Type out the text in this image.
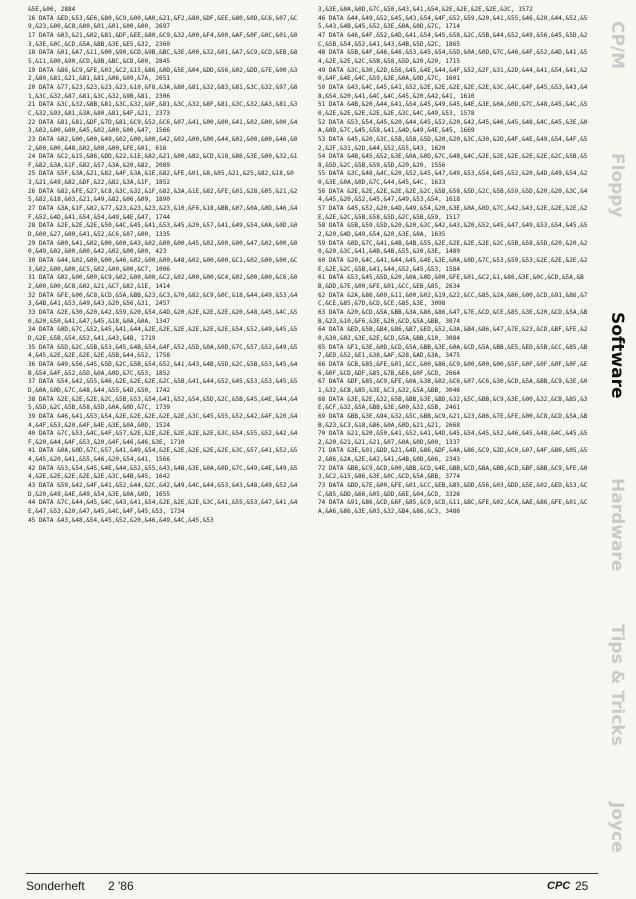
&5E,&00, 2884
16 DATA &ED,&53,&E6,&80,&C9,&00,&A0,&21,&F2,&80,&DF,&EE,&80,&0D,&C6,&07,&C9,&23,&00,&C8,&00,&01,&01,&00,&00, 2697
17 DATA &03,&21,&02,&81,&DF,&EE,&80,&C9,&32,&00,&F4,&00,&AF,&0F,&0C,&01,&03,&3E,&0C,&CD,&5A,&BB,&3E,&E5,&32, 2360
18 DATA &01,&A7,&11,&00,&90,&CD,&9B,&BC,&3E,&00,&32,&01,&A7,&C9,&CD,&EB,&85,&11,&00,&90,&CD,&9B,&BC,&CD,&00, 2845
19 DATA &86,&C9,&FE,&03,&C2,&15,&86,&0D,&5E,&04,&DD,&56,&02,&DD,&7E,&00,&32,&80,&81,&21,&81,&81,&06,&09,&7A, 2651
20 DATA &77,&23,&23,&23,&23,&10,&F8,&3A,&80,&81,&32,&83,&81,&3C,&32,&97,&81,&3C,&32,&87,&81,&3C,&32,&9B,&81, 2306
21 DATA &3C,&32,&8B,&81,&3C,&32,&9F,&81,&3C,&32,&8F,&81,&3C,&32,&A3,&81,&3C,&32,&93,&81,&3A,&80,&81,&4F,&21, 2373
22 DATA &81,&81,&DF,&7D,&81,&C9,&52,&C6,&07,&41,&00,&00,&41,&02,&00,&00,&43,&02,&00,&00,&45,&02,&00,&00,&47, 1566
23 DATA &02,&00,&00,&49,&02,&00,&00,&42,&02,&00,&00,&44,&02,&00,&00,&46,&02,&00,&00,&48,&02,&00,&00,&FE,&01, 616
24 DATA &C2,&15,&86,&DD,&22,&1E,&82,&21,&00,&82,&CD,&18,&86,&3E,&00,&32,&1F,&82,&3A,&1F,&82,&57,&3A,&20,&82, 2089
25 DATA &5F,&3A,&21,&82,&4F,&3A,&1E,&82,&FE,&01,&8,&05,&21,&25,&82,&18,&03,&21,&49,&82,&DF,&22,&82,&3A,&1F, 1852
26 DATA &82,&FE,&27,&C8,&3C,&32,&1F,&82,&3A,&1E,&82,&FE,&01,&28,&05,&21,&25,&82,&18,&03,&21,&49,&82,&06,&09, 1890
27 DATA &3A,&1F,&82,&77,&23,&23,&23,&23,&10,&F6,&18,&BB,&07,&0A,&0D,&46,&4F,&52,&4D,&41,&54,&54,&49,&4E,&47, 1744
28 DATA &2E,&2E,&2E,&50,&4C,&45,&41,&53,&45,&20,&57,&41,&49,&54,&0A,&0D,&0D,&00,&27,&00,&41,&52,&C6,&07,&00, 1335
29 DATA &00,&41,&02,&00,&00,&43,&02,&00,&00,&45,&02,&00,&00,&47,&02,&00,&00,&49,&02,&00,&00,&42,&02,&00,&00, 423
30 DATA &44,&02,&00,&00,&46,&02,&00,&00,&48,&02,&00,&00,&C1,&02,&00,&00,&C3,&02,&00,&00,&C5,&02,&00,&00,&C7, 1006
31 DATA &02,&00,&00,&C9,&02,&00,&00,&C2,&02,&00,&00,&C4,&02,&00,&00,&C6,&02,&00,&00,&C8,&02,&21,&C7,&82,&1E, 1414
32 DATA &FE,&00,&C8,&CD,&5A,&BB,&23,&C3,&70,&82,&C9,&0C,&18,&44,&49,&53,&43,&4B,&41,&53,&49,&43,&20,&56,&31, 2457
33 DATA &2E,&30,&20,&42,&59,&20,&54,&4D,&20,&2E,&2E,&2E,&20,&48,&45,&4C,&50,&20,&50,&41,&47,&45,&18,&0A,&0A, 1347
34 DATA &0D,&7C,&52,&45,&41,&44,&2E,&2E,&2E,&2E,&2E,&2E,&54,&52,&49,&45,&5D,&2E,&5B,&54,&52,&41,&43,&4B, 1719
35 DATA &5D,&2C,&5B,&53,&45,&4B,&54,&4F,&52,&5D,&0A,&0D,&7C,&57,&52,&49,&54,&45,&2E,&2E,&2E,&2E,&5B,&44,&52, 1758
36 DATA &49,&56,&45,&5D,&2C,&5B,&54,&52,&41,&43,&4B,&5D,&2C,&5B,&53,&45,&4B,&54,&4F,&52,&5D,&0A,&0D,&7C,&53, 1852
37 DATA &54,&42,&55,&46,&2E,&2E,&2E,&2C,&5B,&41,&44,&52,&45,&53,&53,&45,&5D,&0A,&0D,&7C,&48,&44,&55,&4D,&50, 1742
38 DATA &2E,&2E,&2E,&2C,&5B,&53,&54,&41,&52,&54,&5D,&2C,&5B,&45,&4E,&44,&45,&5D,&2C,&5B,&58,&5D,&0A,&0D,&7C, 1739
39 DATA &46,&41,&53,&54,&2E,&2E,&2E,&2E,&2E,&3C,&45,&55,&52,&42,&4F,&20,&44,&4F,&53,&20,&4F,&4E,&3E,&0A,&0D, 1524
40 DATA &7C,&53,&4C,&4F,&57,&2E,&2E,&2E,&2E,&2E,&2E,&3C,&54,&55,&52,&42,&4F,&20,&44,&4F,&53,&20,&4F,&46,&46,&3E, 1710
41 DATA &0A,&0D,&7C,&57,&41,&49,&54,&2E,&2E,&2E,&2E,&2E,&3C,&57,&41,&52,&54,&45,&20,&41,&55,&46,&20,&54,&41, 1566
42 DATA &53,&54,&45,&4E,&44,&52,&55,&43,&4B,&3E,&0A,&0D,&7C,&49,&4E,&49,&54,&2E,&2E,&2E,&2E,&2E,&3C,&4B,&45, 1642
43 DATA &59,&42,&4F,&41,&52,&44,&2C,&42,&49,&4C,&44,&53,&43,&48,&49,&52,&4D,&20,&49,&4E,&49,&54,&3E,&0A,&0D, 1655
44 DATA &7C,&44,&45,&4C,&43,&41,&54,&2E,&2E,&2E,&3C,&41,&55,&53,&47,&41,&4E,&47,&53,&20,&47,&45,&4C,&4F,&45,&53, 1734
45 DATA &43,&48,&54,&45,&52,&20,&46,&49,&4C,&45,&53
3,&3E,&0A,&0D,&7C,&50,&43,&41,&54,&2E,&2E,&2E,&2E,&3C, 1572
46 DATA &44,&49,&52,&45,&43,&54,&4F,&52,&59,&20,&41,&55,&46,&20,&44,&52,&55,&43,&4B,&45,&52,&3E,&0A,&0D,&7C, 1714
47 DATA &46,&4F,&52,&4D,&41,&54,&45,&58,&2C,&5B,&44,&52,&49,&56,&45,&5D,&2C,&5B,&54,&52,&41,&43,&4B,&5D,&2C, 1865
48 DATA &5B,&4F,&46,&46,&53,&45,&54,&5D,&0A,&0D,&7C,&46,&4F,&52,&4D,&41,&54,&2E,&2E,&2C,&5B,&58,&5D,&20,&20, 1715
49 DATA &3C,&30,&2D,&56,&45,&4E,&44,&4F,&52,&2F,&31,&2D,&44,&41,&54,&41,&20,&4F,&4E,&4C,&59,&3E,&0A,&0D,&7C, 1601
50 DATA &43,&4C,&45,&41,&52,&2E,&2E,&2E,&2E,&2E,&3C,&4C,&4F,&45,&53,&43,&48,&54,&20,&41,&4C,&4C,&45,&20,&42,&41, 1610
51 DATA &4B,&20,&44,&41,&54,&45,&49,&45,&4E,&3E,&0A,&0D,&7C,&48,&45,&4C,&50,&2E,&2E,&2E,&2E,&2E,&3C,&4C,&49,&53, 1578
52 DATA &53,&54,&45,&20,&44,&45,&52,&20,&42,&45,&46,&45,&48,&4C,&45,&3E,&0A,&0D,&7C,&45,&58,&41,&4D,&49,&4E,&45, 1669
53 DATA &45,&20,&3C,&5B,&58,&5D,&20,&20,&3C,&30,&2D,&4F,&4E,&49,&54,&4F,&52,&2F,&31,&2D,&44,&52,&55,&43, 1620
54 DATA &4B,&45,&52,&3E,&0A,&0D,&7C,&48,&4C,&2E,&2E,&2E,&2E,&2E,&2C,&5B,&58,&5D,&2C,&5B,&59,&5D,&20,&20, 1556
55 DATA &3C,&48,&4C,&20,&52,&45,&47,&49,&53,&54,&45,&52,&20,&4D,&49,&54,&20,&3E,&0A,&0D,&7C,&44,&45,&4C, 1633
56 DATA &2E,&2E,&2E,&2E,&2E,&2C,&5B,&58,&5D,&2C,&5B,&59,&5D,&20,&20,&3C,&44,&45,&20,&52,&45,&47,&49,&53,&54, 1618
57 DATA &45,&52,&20,&4D,&49,&54,&20,&3E,&0A,&0D,&7C,&42,&43,&2E,&2E,&2E,&2E,&2E,&2C,&5B,&58,&5D,&2C,&5B,&59, 1517
58 DATA &5B,&59,&5D,&20,&20,&3C,&42,&43,&20,&52,&45,&47,&49,&53,&54,&45,&52,&20,&4D,&49,&54,&20,&3E,&0A, 1635
59 DATA &0D,&7C,&41,&4B,&4B,&55,&2E,&2E,&2E,&2E,&2C,&5B,&58,&5D,&20,&20,&20,&20,&3C,&41,&4B,&4B,&55,&20,&3E, 1489
60 DATA &20,&4C,&41,&44,&45,&4E,&3E,&0A,&0D,&7C,&53,&59,&53,&2E,&2E,&2E,&2E,&2E,&2C,&5B,&41,&44,&52,&45,&53, 1584
61 DATA &53,&45,&5D,&20,&0A,&0D,&00,&FE,&01,&C2,&1,&86,&3E,&0C,&CD,&5A,&BB,&DD,&7E,&00,&FE,&01,&CC,&EB,&85, 2634
62 DATA &2A,&86,&00,&11,&00,&02,&19,&22,&CC,&85,&2A,&86,&00,&CD,&91,&86,&7C,&CE,&85,&7D,&CD,&CE,&85,&3E, 3098
63 DATA &20,&CD,&5A,&BB,&3A,&86,&86,&47,&7E,&CD,&CE,&85,&3E,&20,&CD,&5A,&BB,&23,&10,&F6,&3E,&20,&CD,&5A,&BB, 3074
64 DATA &ED,&5B,&B4,&86,&B7,&ED,&52,&3A,&B4,&86,&47,&7E,&23,&CD,&BF,&FE,&20,&30,&02,&3E,&2E,&CD,&5A,&BB,&10, 3084
65 DATA &F1,&3E,&0D,&CD,&5A,&BB,&3E,&0A,&CD,&5A,&BB,&E5,&ED,&5B,&CC,&85,&B7,&ED,&52,&E1,&38,&AF,&28,&AD,&3A, 3475
66 DATA &CB,&85,&FE,&01,&CC,&00,&86,&C9,&00,&00,&00,&5F,&0F,&0F,&0F,&0F,&E6,&0F,&CD,&DF,&85,&7B,&E6,&0F,&CD, 2664
67 DATA &DF,&85,&C9,&FE,&0A,&38,&02,&C6,&07,&C6,&30,&CD,&5A,&BB,&C9,&3E,&01,&32,&CB,&85,&3E,&C3,&32,&5A,&BB, 3046
68 DATA &3E,&2E,&32,&5B,&BB,&3E,&BD,&32,&5C,&BB,&C9,&3E,&00,&32,&CB,&85,&3E,&CF,&32,&5A,&BB,&3E,&00,&32,&5B, 2461
69 DATA &BB,&3E,&94,&32,&5C,&BB,&C9,&21,&23,&86,&7E,&FE,&00,&C8,&CD,&5A,&BB,&23,&C3,&18,&86,&0A,&0D,&21,&21, 2668
70 DATA &21,&20,&50,&41,&52,&41,&4D,&45,&54,&45,&52,&46,&45,&48,&4C,&45,&52,&20,&21,&21,&21,&07,&0A,&0D,&00, 1337
71 DATA &3E,&01,&DD,&21,&4D,&86,&DF,&4A,&86,&C9,&2D,&C0,&07,&4F,&86,&05,&52,&86,&2A,&2E,&42,&41,&4B,&0D,&06, 2343
72 DATA &BB,&C9,&CD,&00,&BB,&CD,&4E,&BB,&CD,&BA,&BB,&CD,&BF,&BB,&C9,&FE,&03,&C2,&15,&86,&3E,&0C,&CD,&5A,&BB, 3774
73 DATA &DD,&7E,&00,&FE,&01,&CC,&EB,&85,&DD,&56,&03,&DD,&5E,&02,&ED,&53,&CC,&85,&DD,&66,&05,&DD,&6E,&04,&CD, 3326
74 DATA &91,&86,&CD,&6F,&85,&C9,&CD,&11,&BC,&FE,&02,&CA,&AE,&86,&FE,&01,&CA,&A6,&86,&3E,&03,&32,&B4,&86,&C3, 3486
CP/M
Floppy
Software
Hardware
Tips & Tricks
Joyce
Sonderheft 2 '86	CPC 25
